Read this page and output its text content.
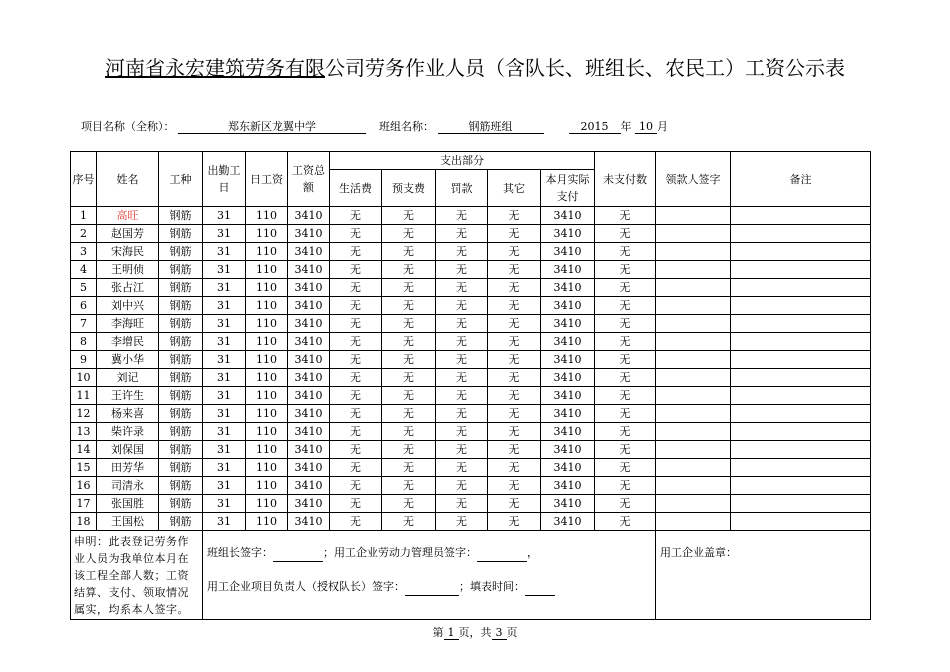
河南省永宏建筑劳务有限公司劳务作业人员（含队长、班组长、农民工）工资公示表
项目名称（全称）：	郑东新区龙翼中学	班组名称：	钢筋班组	2015 年 10 月
序号	姓名	工种	出勤工日	日工资	工资总额	支出部分					未支付数	领款人签字	备注
						生活费	预支费	罚款	其它	本月实际支付			

1	高旺	钢筋	31	110	3410	无	无	无	无	3410	无		
2	赵国芳	钢筋	31	110	3410	无	无	无	无	3410	无		
3	宋海民	钢筋	31	110	3410	无	无	无	无	3410	无		
4	王明侦	钢筋	31	110	3410	无	无	无	无	3410	无		
5	张占江	钢筋	31	110	3410	无	无	无	无	3410	无		
6	刘中兴	钢筋	31	110	3410	无	无	无	无	3410	无		
7	李海旺	钢筋	31	110	3410	无	无	无	无	3410	无		
8	李增民	钢筋	31	110	3410	无	无	无	无	3410	无		
9	冀小华	钢筋	31	110	3410	无	无	无	无	3410	无		
10	刘记	钢筋	31	110	3410	无	无	无	无	3410	无		
11	王许生	钢筋	31	110	3410	无	无	无	无	3410	无		
12	杨来喜	钢筋	31	110	3410	无	无	无	无	3410	无		
13	柴许录	钢筋	31	110	3410	无	无	无	无	3410	无		
14	刘保国	钢筋	31	110	3410	无	无	无	无	3410	无		
15	田芳华	钢筋	31	110	3410	无	无	无	无	3410	无		
16	司清永	钢筋	31	110	3410	无	无	无	无	3410	无		
17	张国胜	钢筋	31	110	3410	无	无	无	无	3410	无		
18	王国松	钢筋	31	110	3410	无	无	无	无	3410	无		
申明：此表登记劳务作业人员为我单位本月在该工程全部人数；工资结算、支付、领取情况属实，均系本人签字。			班组长签字： ；用工企业劳动力管理员签字： ，
用工企业项目负责人（授权队长）签字： ；填表时间：									用工企业盖章：	
第 1 页，共 3 页
